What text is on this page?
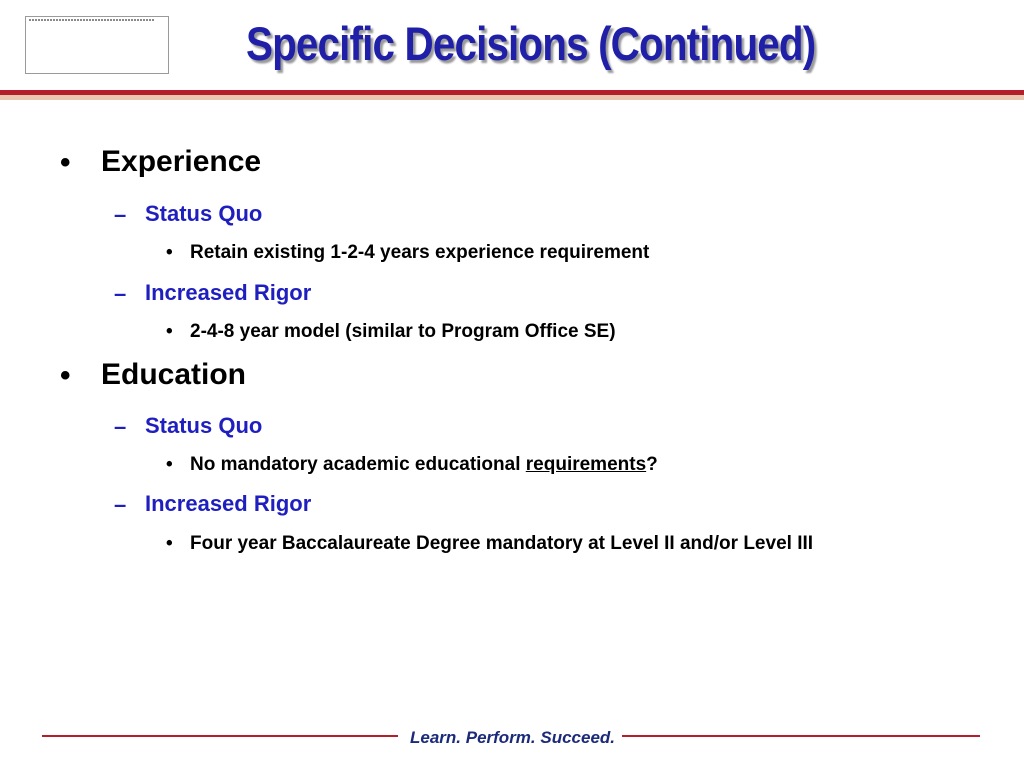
Specific Decisions (Continued)
• Experience
– Status Quo
• Retain existing 1-2-4 years experience requirement
– Increased Rigor
• 2-4-8 year model (similar to Program Office SE)
• Education
– Status Quo
• No mandatory academic educational requirements?
– Increased Rigor
• Four year Baccalaureate Degree mandatory at Level II and/or Level III
Learn. Perform. Succeed.
